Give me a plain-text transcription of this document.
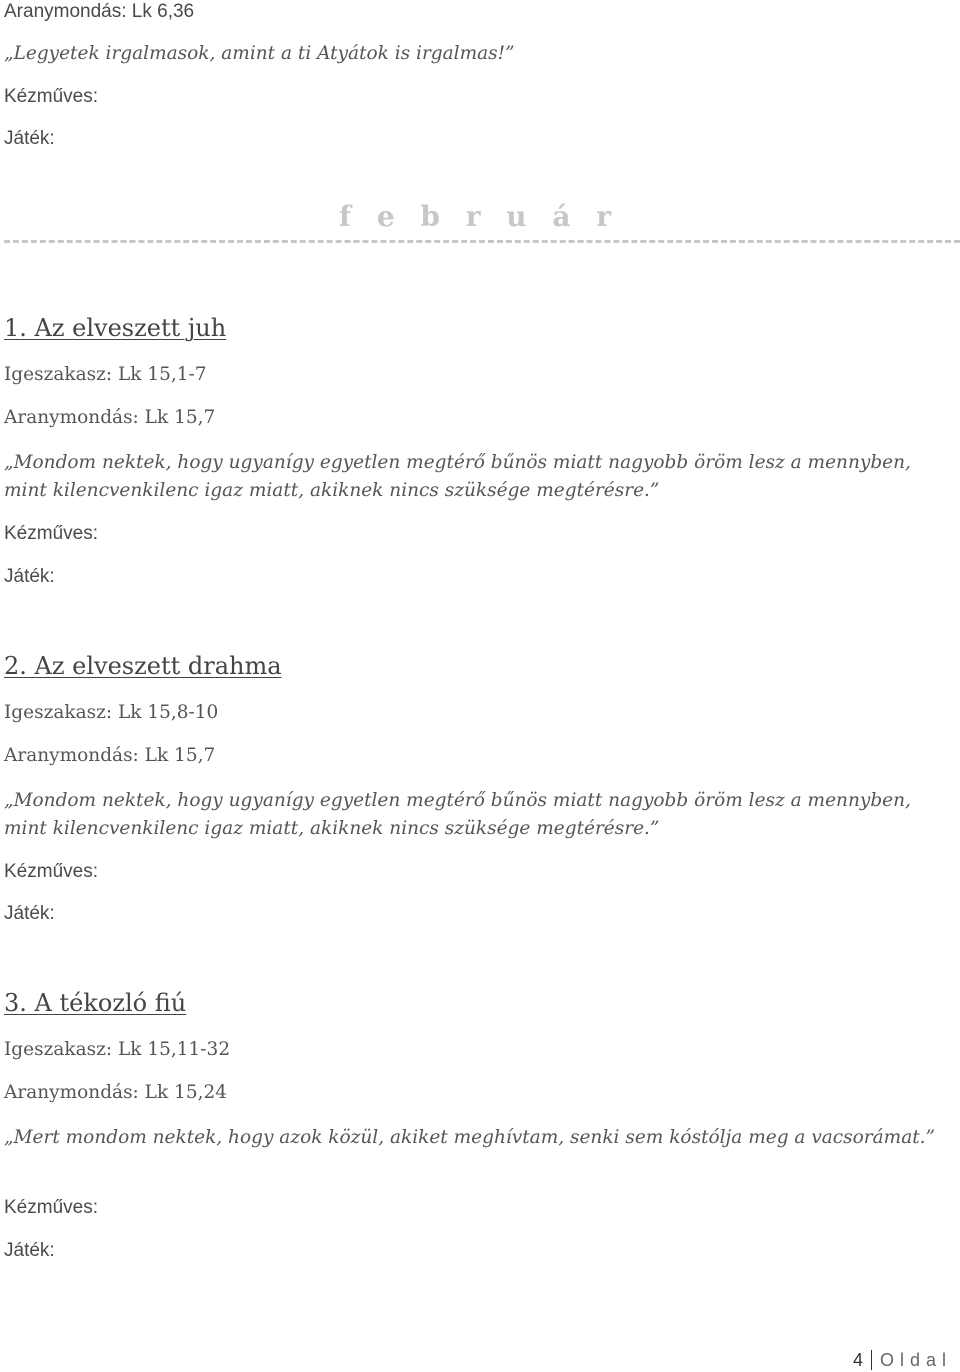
Aranymondás: Lk 6,36
„Legyetek irgalmasok, amint a ti Atyátok is irgalmas!”
Kézműves:
Játék:
f e b r u á r
1. Az elveszett juh
Igeszakasz: Lk 15,1-7
Aranymondás: Lk 15,7
„Mondom nektek, hogy ugyanígy egyetlen megtérő bűnös miatt nagyobb öröm lesz a mennyben, mint kilencvenkilenc igaz miatt, akiknek nincs szüksége megtérésre.”
Kézműves:
Játék:
2. Az elveszett drahma
Igeszakasz: Lk 15,8-10
Aranymondás: Lk 15,7
„Mondom nektek, hogy ugyanígy egyetlen megtérő bűnös miatt nagyobb öröm lesz a mennyben, mint kilencvenkilenc igaz miatt, akiknek nincs szüksége megtérésre.”
Kézműves:
Játék:
3. A tékozló fiú
Igeszakasz: Lk 15,11-32
Aranymondás: Lk 15,24
„Mert mondom nektek, hogy azok közül, akiket meghívtam, senki sem kóstólja meg a vacsorámat.”
Kézműves:
Játék:
4 Oldal
